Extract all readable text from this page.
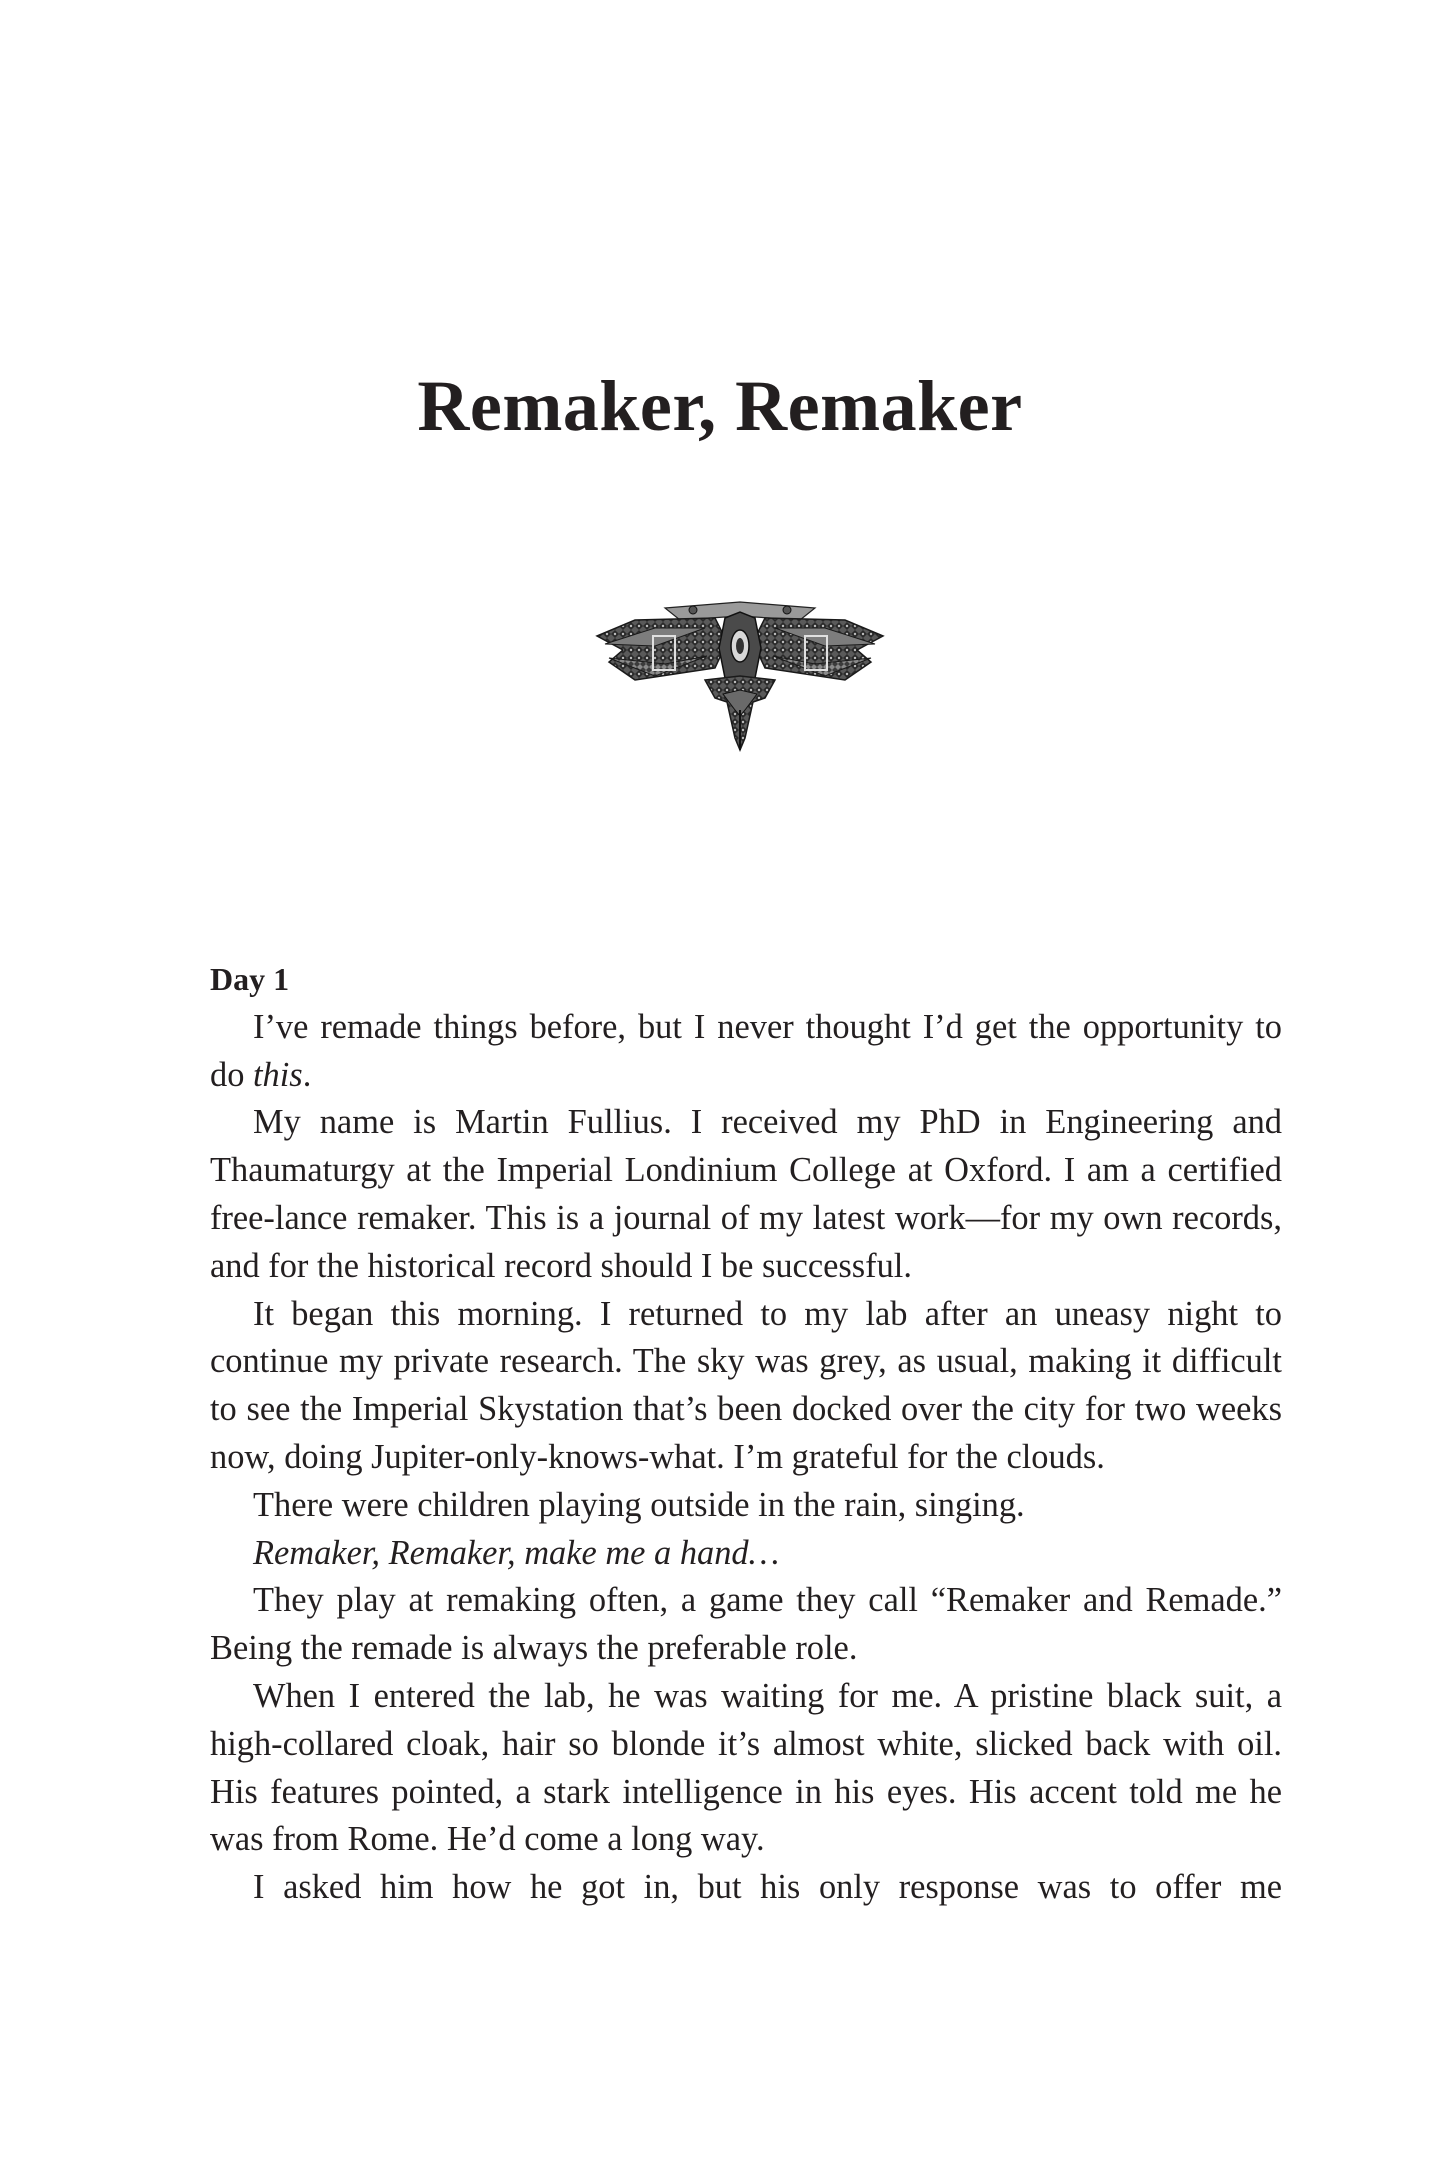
Remaker, Remaker

Day 1

I’ve remade things before, but I never thought I’d get the opportunity to do this.

My name is Martin Fullius. I received my PhD in Engineering and Thaumaturgy at the Imperial Londinium College at Oxford. I am a certified free-lance remaker. This is a journal of my latest work—for my own records, and for the historical record should I be successful.

It began this morning. I returned to my lab after an uneasy night to continue my private research. The sky was grey, as usual, making it difficult to see the Imperial Skystation that’s been docked over the city for two weeks now, doing Jupiter-only-knows-what. I’m grateful for the clouds.

There were children playing outside in the rain, singing.

Remaker, Remaker, make me a hand…

They play at remaking often, a game they call “Remaker and Remade.” Being the remade is always the preferable role.

When I entered the lab, he was waiting for me. A pristine black suit, a high-collared cloak, hair so blonde it’s almost white, slicked back with oil. His features pointed, a stark intelligence in his eyes. His accent told me he was from Rome. He’d come a long way.

I asked him how he got in, but his only response was to offer me
